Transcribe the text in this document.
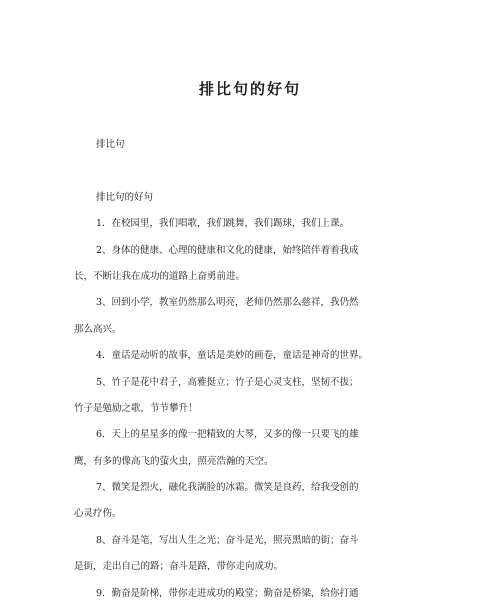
排比句的好句
排比句
排比句的好句
1．在校园里，我们唱歌，我们跳舞，我们踢球，我们上课。
2、身体的健康、心理的健康和文化的健康，始终陪伴着着我成
长，不断让我在成功的道路上奋勇前进。
3、回到小学，教室仍然那么明亮，老师仍然那么慈祥，我仍然
那么高兴。
4．童话是动听的故事，童话是美妙的画卷，童话是神奇的世界。
5、竹子是花中君子，高雅挺立；竹子是心灵支柱，坚韧不拔；
竹子是勉励之歌，节节攀升！
6．天上的星星多的像一把精致的大琴，又多的像一只要飞的雄
鹰，有多的像高飞的萤火虫，照亮浩瀚的天空。
7、微笑是烈火，融化我满脸的冰霜。微笑是良药，给我受创的
心灵疗伤。
8、奋斗是笔，写出人生之光；奋斗是光，照亮黑暗的街；奋斗
是街，走出自己的路；奋斗是路，带你走向成功。
9．勤奋是阶梯，带你走进成功的殿堂；勤奋是桥梁，给你打通
